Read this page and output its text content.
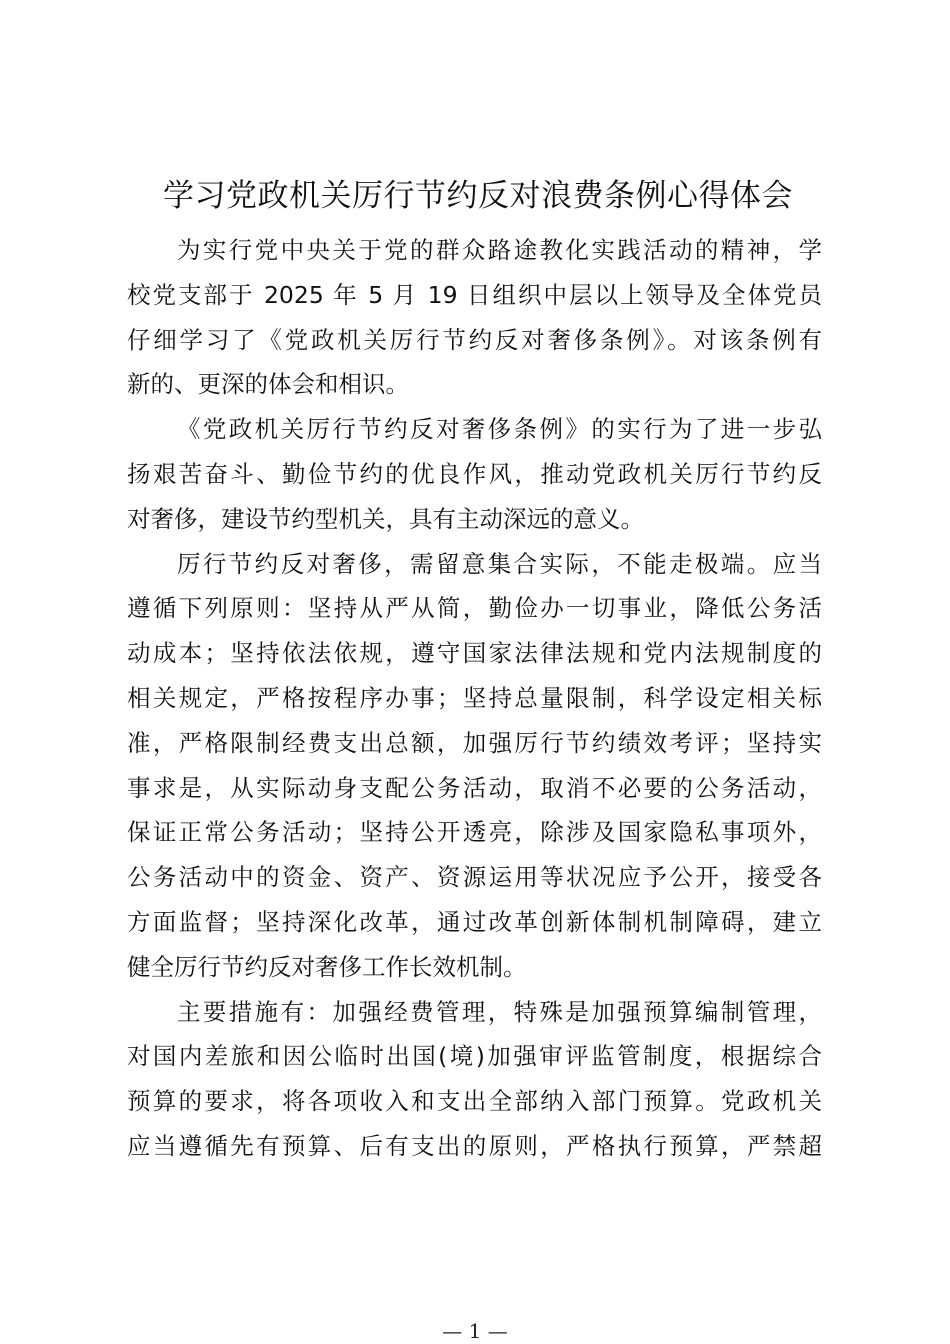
学习党政机关厉行节约反对浪费条例心得体会

为实行党中央关于党的群众路途教化实践活动的精神，学
校党支部于 2025 年 5 月 19 日组织中层以上领导及全体党员
仔细学习了《党政机关厉行节约反对奢侈条例》。对该条例有
新的、更深的体会和相识。

《党政机关厉行节约反对奢侈条例》的实行为了进一步弘
扬艰苦奋斗、勤俭节约的优良作风，推动党政机关厉行节约反
对奢侈，建设节约型机关，具有主动深远的意义。

厉行节约反对奢侈，需留意集合实际，不能走极端。应当
遵循下列原则：坚持从严从简，勤俭办一切事业，降低公务活
动成本；坚持依法依规，遵守国家法律法规和党内法规制度的
相关规定，严格按程序办事；坚持总量限制，科学设定相关标
准，严格限制经费支出总额，加强厉行节约绩效考评；坚持实
事求是，从实际动身支配公务活动，取消不必要的公务活动，
保证正常公务活动；坚持公开透亮，除涉及国家隐私事项外，
公务活动中的资金、资产、资源运用等状况应予公开，接受各
方面监督；坚持深化改革，通过改革创新体制机制障碍，建立
健全厉行节约反对奢侈工作长效机制。

主要措施有：加强经费管理，特殊是加强预算编制管理，
对国内差旅和因公临时出国(境)加强审评监管制度，根据综合
预算的要求，将各项收入和支出全部纳入部门预算。党政机关
应当遵循先有预算、后有支出的原则，严格执行预算，严禁超

— 1 —
